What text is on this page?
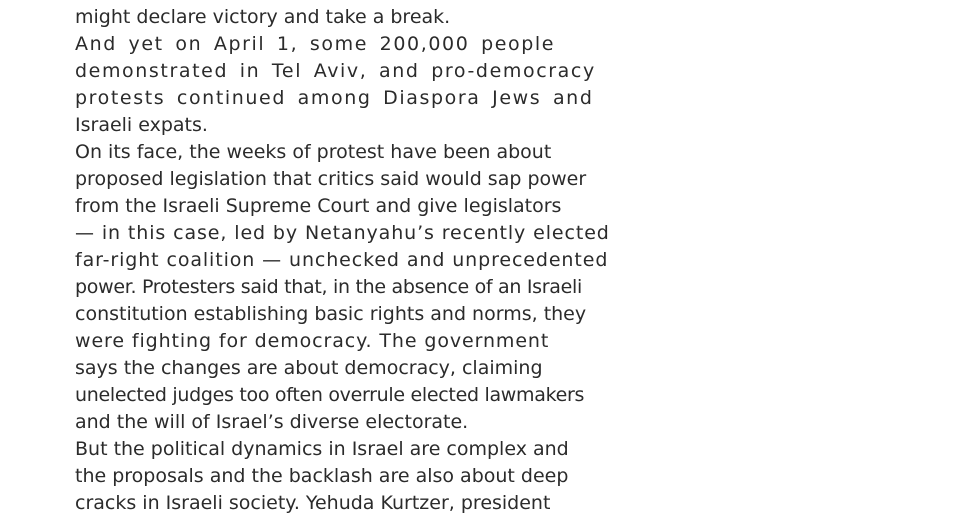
might declare victory and take a break.
And yet on April 1, some 200,000 people
demonstrated in Tel Aviv, and pro-democracy
protests continued among Diaspora Jews and
Israeli expats.
On its face, the weeks of protest have been about
proposed legislation that critics said would sap power
from the Israeli Supreme Court and give legislators
— in this case, led by Netanyahu’s recently elected
far-right coalition — unchecked and unprecedented
power. Protesters said that, in the absence of an Israeli
constitution establishing basic rights and norms, they
were fighting for democracy. The government
says the changes are about democracy, claiming
unelected judges too often overrule elected lawmakers
and the will of Israel’s diverse electorate.
But the political dynamics in Israel are complex and
the proposals and the backlash are also about deep
cracks in Israeli society. Yehuda Kurtzer, president
